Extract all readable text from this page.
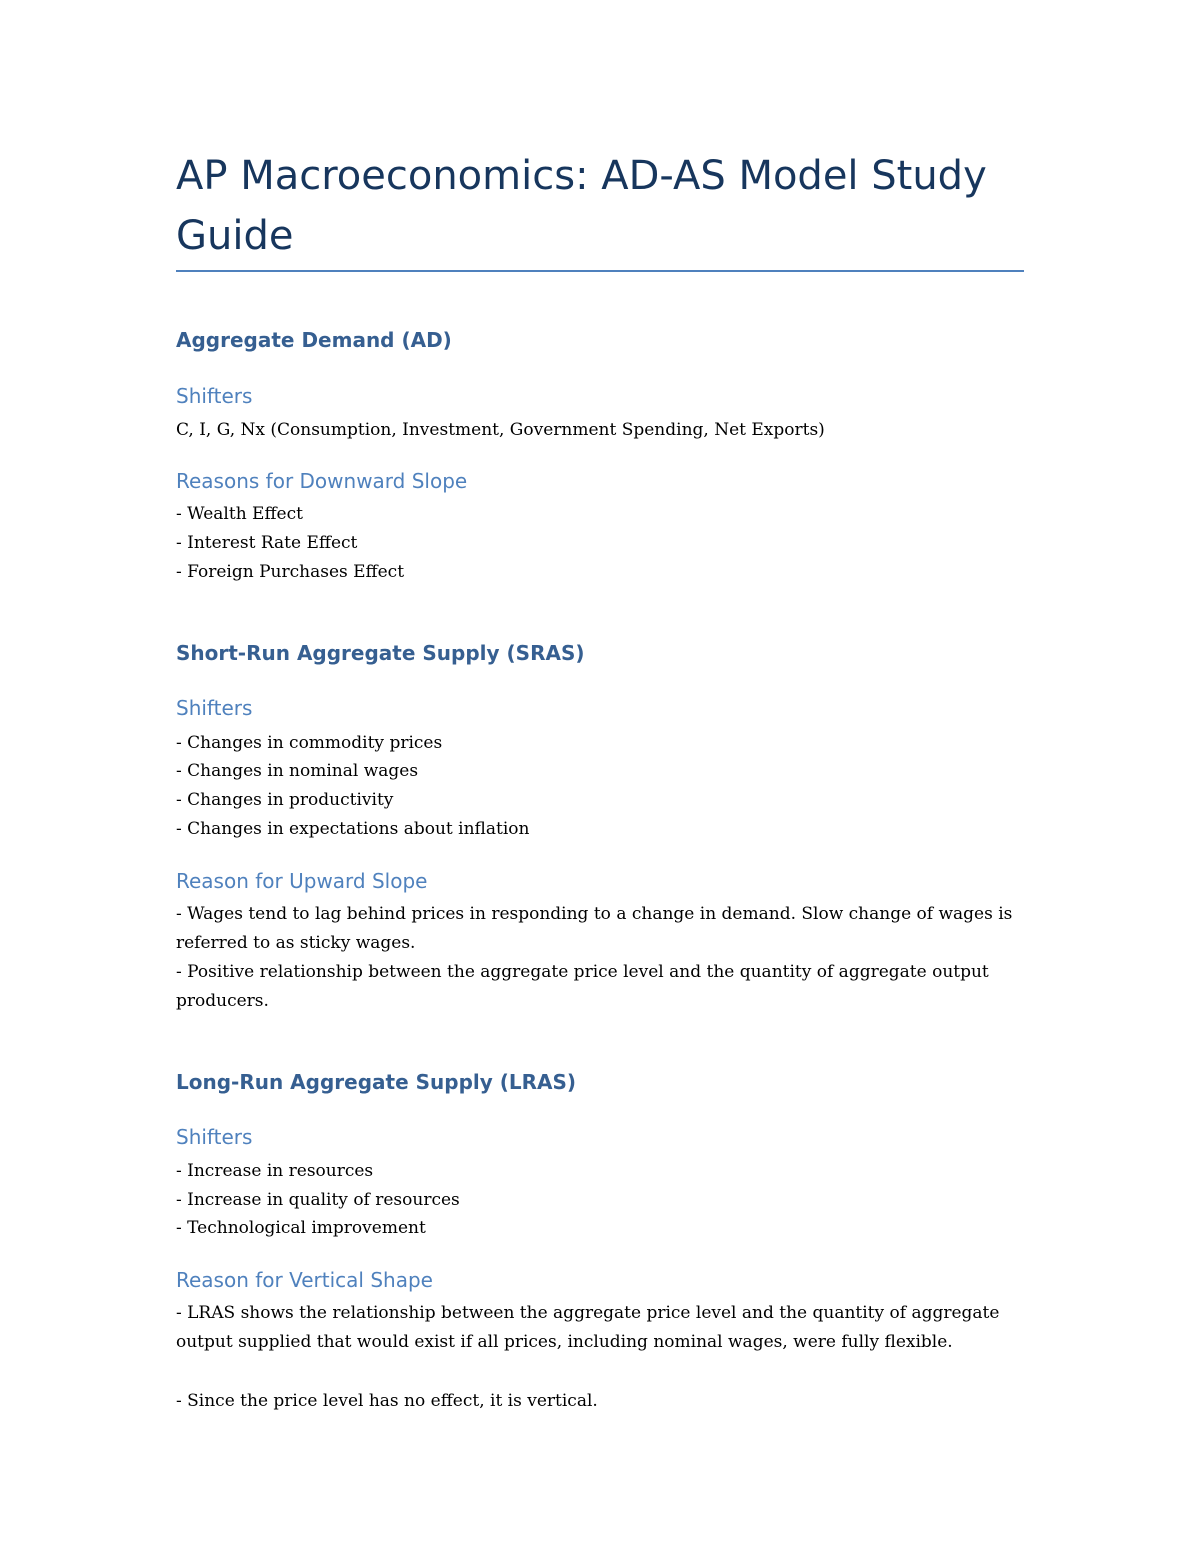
AP Macroeconomics: AD-AS Model Study Guide
Aggregate Demand (AD)
Shifters

C, I, G, Nx (Consumption, Investment, Government Spending, Net Exports)

Reasons for Downward Slope

- Wealth Effect

- Interest Rate Effect

- Foreign Purchases Effect

Short-Run Aggregate Supply (SRAS)
Shifters

- Changes in commodity prices

- Changes in nominal wages

- Changes in productivity

- Changes in expectations about inflation

Reason for Upward Slope

- Wages tend to lag behind prices in responding to a change in demand. Slow change of wages is referred to as sticky wages.

- Positive relationship between the aggregate price level and the quantity of aggregate output producers.

Long-Run Aggregate Supply (LRAS)
Shifters

- Increase in resources

- Increase in quality of resources

- Technological improvement

Reason for Vertical Shape

- LRAS shows the relationship between the aggregate price level and the quantity of aggregate output supplied that would exist if all prices, including nominal wages, were fully flexible.

- Since the price level has no effect, it is vertical.
